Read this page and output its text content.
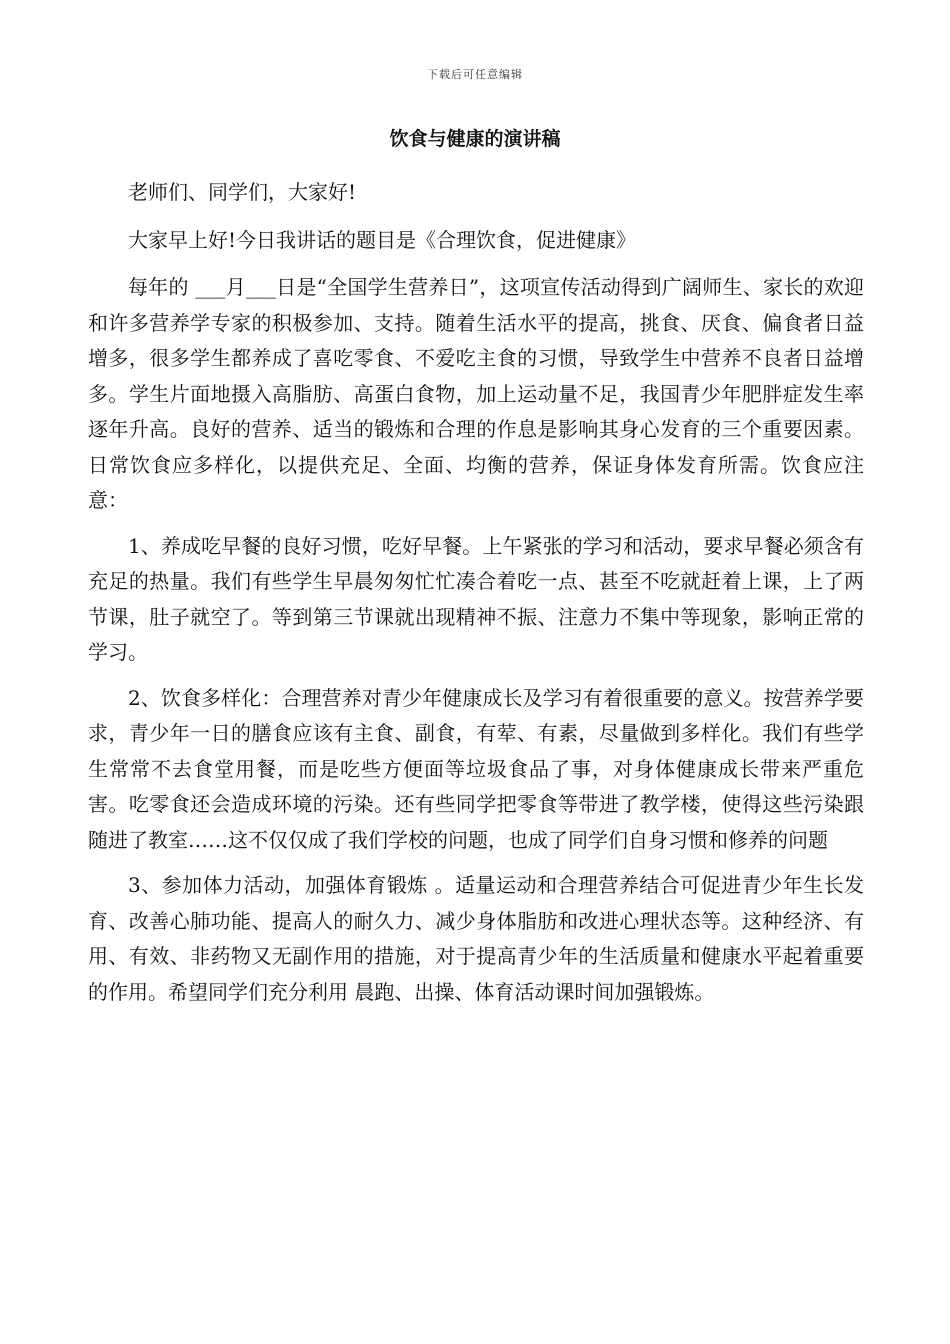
下载后可任意编辑
饮食与健康的演讲稿

老师们、同学们，大家好!

大家早上好!今日我讲话的题目是《合理饮食，促进健康》

每年的 ___月___日是“全国学生营养日”，这项宣传活动得到广阔师生、家长的欢迎和许多营养学专家的积极参加、支持。随着生活水平的提高，挑食、厌食、偏食者日益增多，很多学生都养成了喜吃零食、不爱吃主食的习惯，导致学生中营养不良者日益增多。学生片面地摄入高脂肪、高蛋白食物，加上运动量不足，我国青少年肥胖症发生率逐年升高。良好的营养、适当的锻炼和合理的作息是影响其身心发育的三个重要因素。日常饮食应多样化，以提供充足、全面、均衡的营养，保证身体发育所需。饮食应注意：

1、养成吃早餐的良好习惯，吃好早餐。上午紧张的学习和活动，要求早餐必须含有充足的热量。我们有些学生早晨匆匆忙忙凑合着吃一点、甚至不吃就赶着上课，上了两节课，肚子就空了。等到第三节课就出现精神不振、注意力不集中等现象，影响正常的学习。

2、饮食多样化：合理营养对青少年健康成长及学习有着很重要的意义。按营养学要求，青少年一日的膳食应该有主食、副食，有荤、有素，尽量做到多样化。我们有些学生常常不去食堂用餐，而是吃些方便面等垃圾食品了事，对身体健康成长带来严重危害。吃零食还会造成环境的污染。还有些同学把零食等带进了教学楼，使得这些污染跟随进了教室……这不仅仅成了我们学校的问题，也成了同学们自身习惯和修养的问题

3、参加体力活动，加强体育锻炼 。适量运动和合理营养结合可促进青少年生长发育、改善心肺功能、提高人的耐久力、减少身体脂肪和改进心理状态等。这种经济、有用、有效、非药物又无副作用的措施，对于提高青少年的生活质量和健康水平起着重要的作用。希望同学们充分利用 晨跑、出操、体育活动课时间加强锻炼。
